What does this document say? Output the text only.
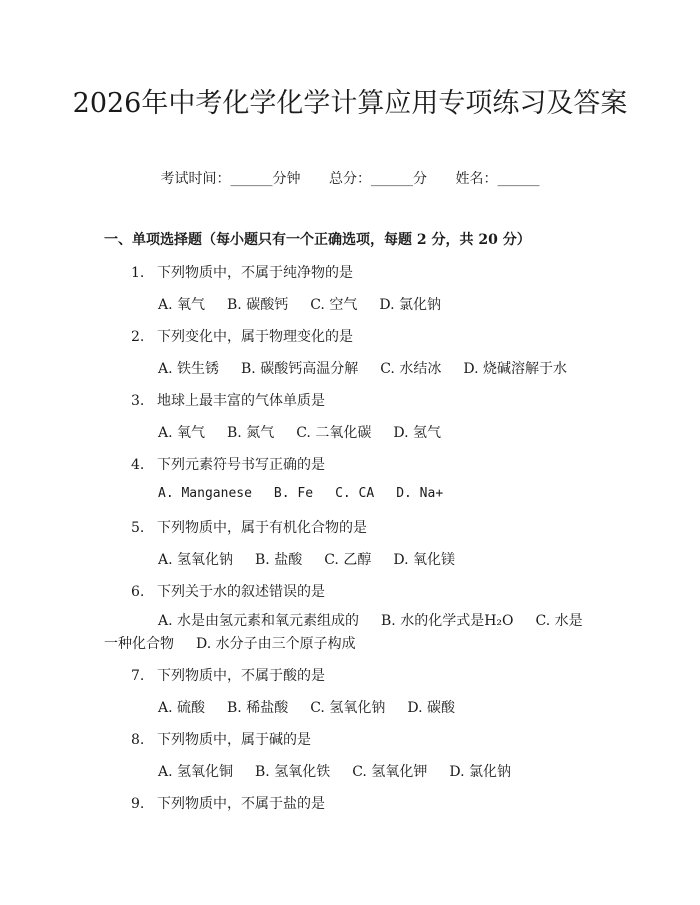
2026年中考化学化学计算应用专项练习及答案
考试时间：______分钟 总分：______分 姓名：______
一、单项选择题（每小题只有一个正确选项，每题 2 分，共 20 分）
1. 下列物质中，不属于纯净物的是
A. 氧气 B. 碳酸钙 C. 空气 D. 氯化钠
2. 下列变化中，属于物理变化的是
A. 铁生锈 B. 碳酸钙高温分解 C. 水结冰 D. 烧碱溶解于水
3. 地球上最丰富的气体单质是
A. 氧气 B. 氮气 C. 二氧化碳 D. 氢气
4. 下列元素符号书写正确的是
A. Manganese B. Fe C. CA D. Na+
5. 下列物质中，属于有机化合物的是
A. 氢氧化钠 B. 盐酸 C. 乙醇 D. 氧化镁
6. 下列关于水的叙述错误的是
A. 水是由氢元素和氧元素组成的 B. 水的化学式是H₂O C. 水是一种化合物 D. 水分子由三个原子构成
7. 下列物质中，不属于酸的是
A. 硫酸 B. 稀盐酸 C. 氢氧化钠 D. 碳酸
8. 下列物质中，属于碱的是
A. 氢氧化铜 B. 氢氧化铁 C. 氢氧化钾 D. 氯化钠
9. 下列物质中，不属于盐的是
